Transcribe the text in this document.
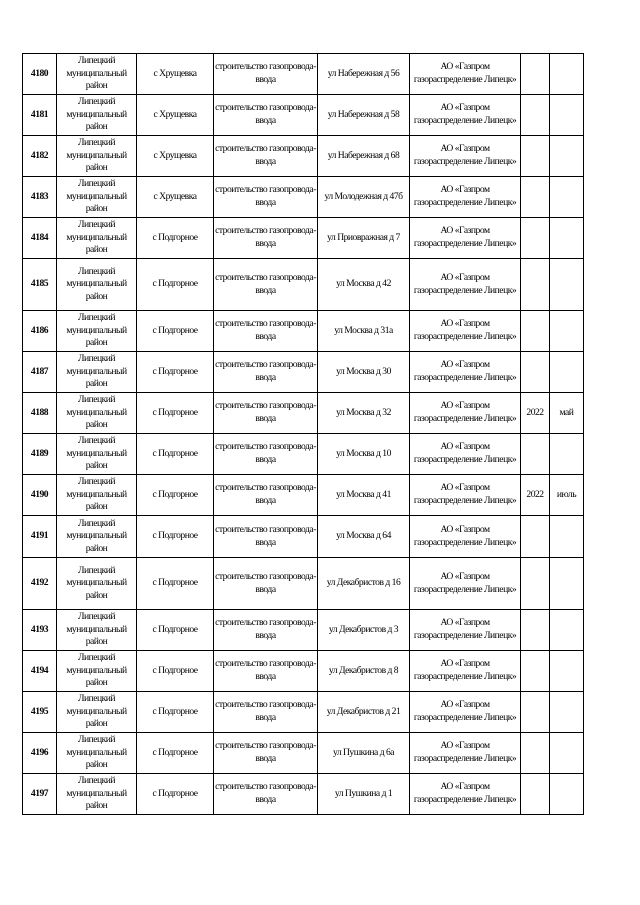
4180	Липецкий муниципальный район	с Хрущевка	строительство газопровода-ввода	ул Набережная д 56	АО «Газпром газораспределение Липецк»		
4181	Липецкий муниципальный район	с Хрущевка	строительство газопровода-ввода	ул Набережная д 58	АО «Газпром газораспределение Липецк»		
4182	Липецкий муниципальный район	с Хрущевка	строительство газопровода-ввода	ул Набережная д 68	АО «Газпром газораспределение Липецк»		
4183	Липецкий муниципальный район	с Хрущевка	строительство газопровода-ввода	ул Молодежная д 47б	АО «Газпром газораспределение Липецк»		
4184	Липецкий муниципальный район	с Подгорное	строительство газопровода-ввода	ул Приовражная д 7	АО «Газпром газораспределение Липецк»		
4185	Липецкий муниципальный район	с Подгорное	строительство газопровода-ввода	ул Москва д 42	АО «Газпром газораспределение Липецк»		
4186	Липецкий муниципальный район	с Подгорное	строительство газопровода-ввода	ул Москва д 31а	АО «Газпром газораспределение Липецк»		
4187	Липецкий муниципальный район	с Подгорное	строительство газопровода-ввода	ул Москва д 30	АО «Газпром газораспределение Липецк»		
4188	Липецкий муниципальный район	с Подгорное	строительство газопровода-ввода	ул Москва д 32	АО «Газпром газораспределение Липецк»	2022	май
4189	Липецкий муниципальный район	с Подгорное	строительство газопровода-ввода	ул Москва д 10	АО «Газпром газораспределение Липецк»		
4190	Липецкий муниципальный район	с Подгорное	строительство газопровода-ввода	ул Москва д 41	АО «Газпром газораспределение Липецк»	2022	июль
4191	Липецкий муниципальный район	с Подгорное	строительство газопровода-ввода	ул Москва д 64	АО «Газпром газораспределение Липецк»		
4192	Липецкий муниципальный район	с Подгорное	строительство газопровода-ввода	ул Декабристов д 16	АО «Газпром газораспределение Липецк»		
4193	Липецкий муниципальный район	с Подгорное	строительство газопровода-ввода	ул Декабристов д 3	АО «Газпром газораспределение Липецк»		
4194	Липецкий муниципальный район	с Подгорное	строительство газопровода-ввода	ул Декабристов д 8	АО «Газпром газораспределение Липецк»		
4195	Липецкий муниципальный район	с Подгорное	строительство газопровода-ввода	ул Декабристов д 21	АО «Газпром газораспределение Липецк»		
4196	Липецкий муниципальный район	с Подгорное	строительство газопровода-ввода	ул Пушкина д 6а	АО «Газпром газораспределение Липецк»		
4197	Липецкий муниципальный район	с Подгорное	строительство газопровода-ввода	ул Пушкина д 1	АО «Газпром газораспределение Липецк»		
